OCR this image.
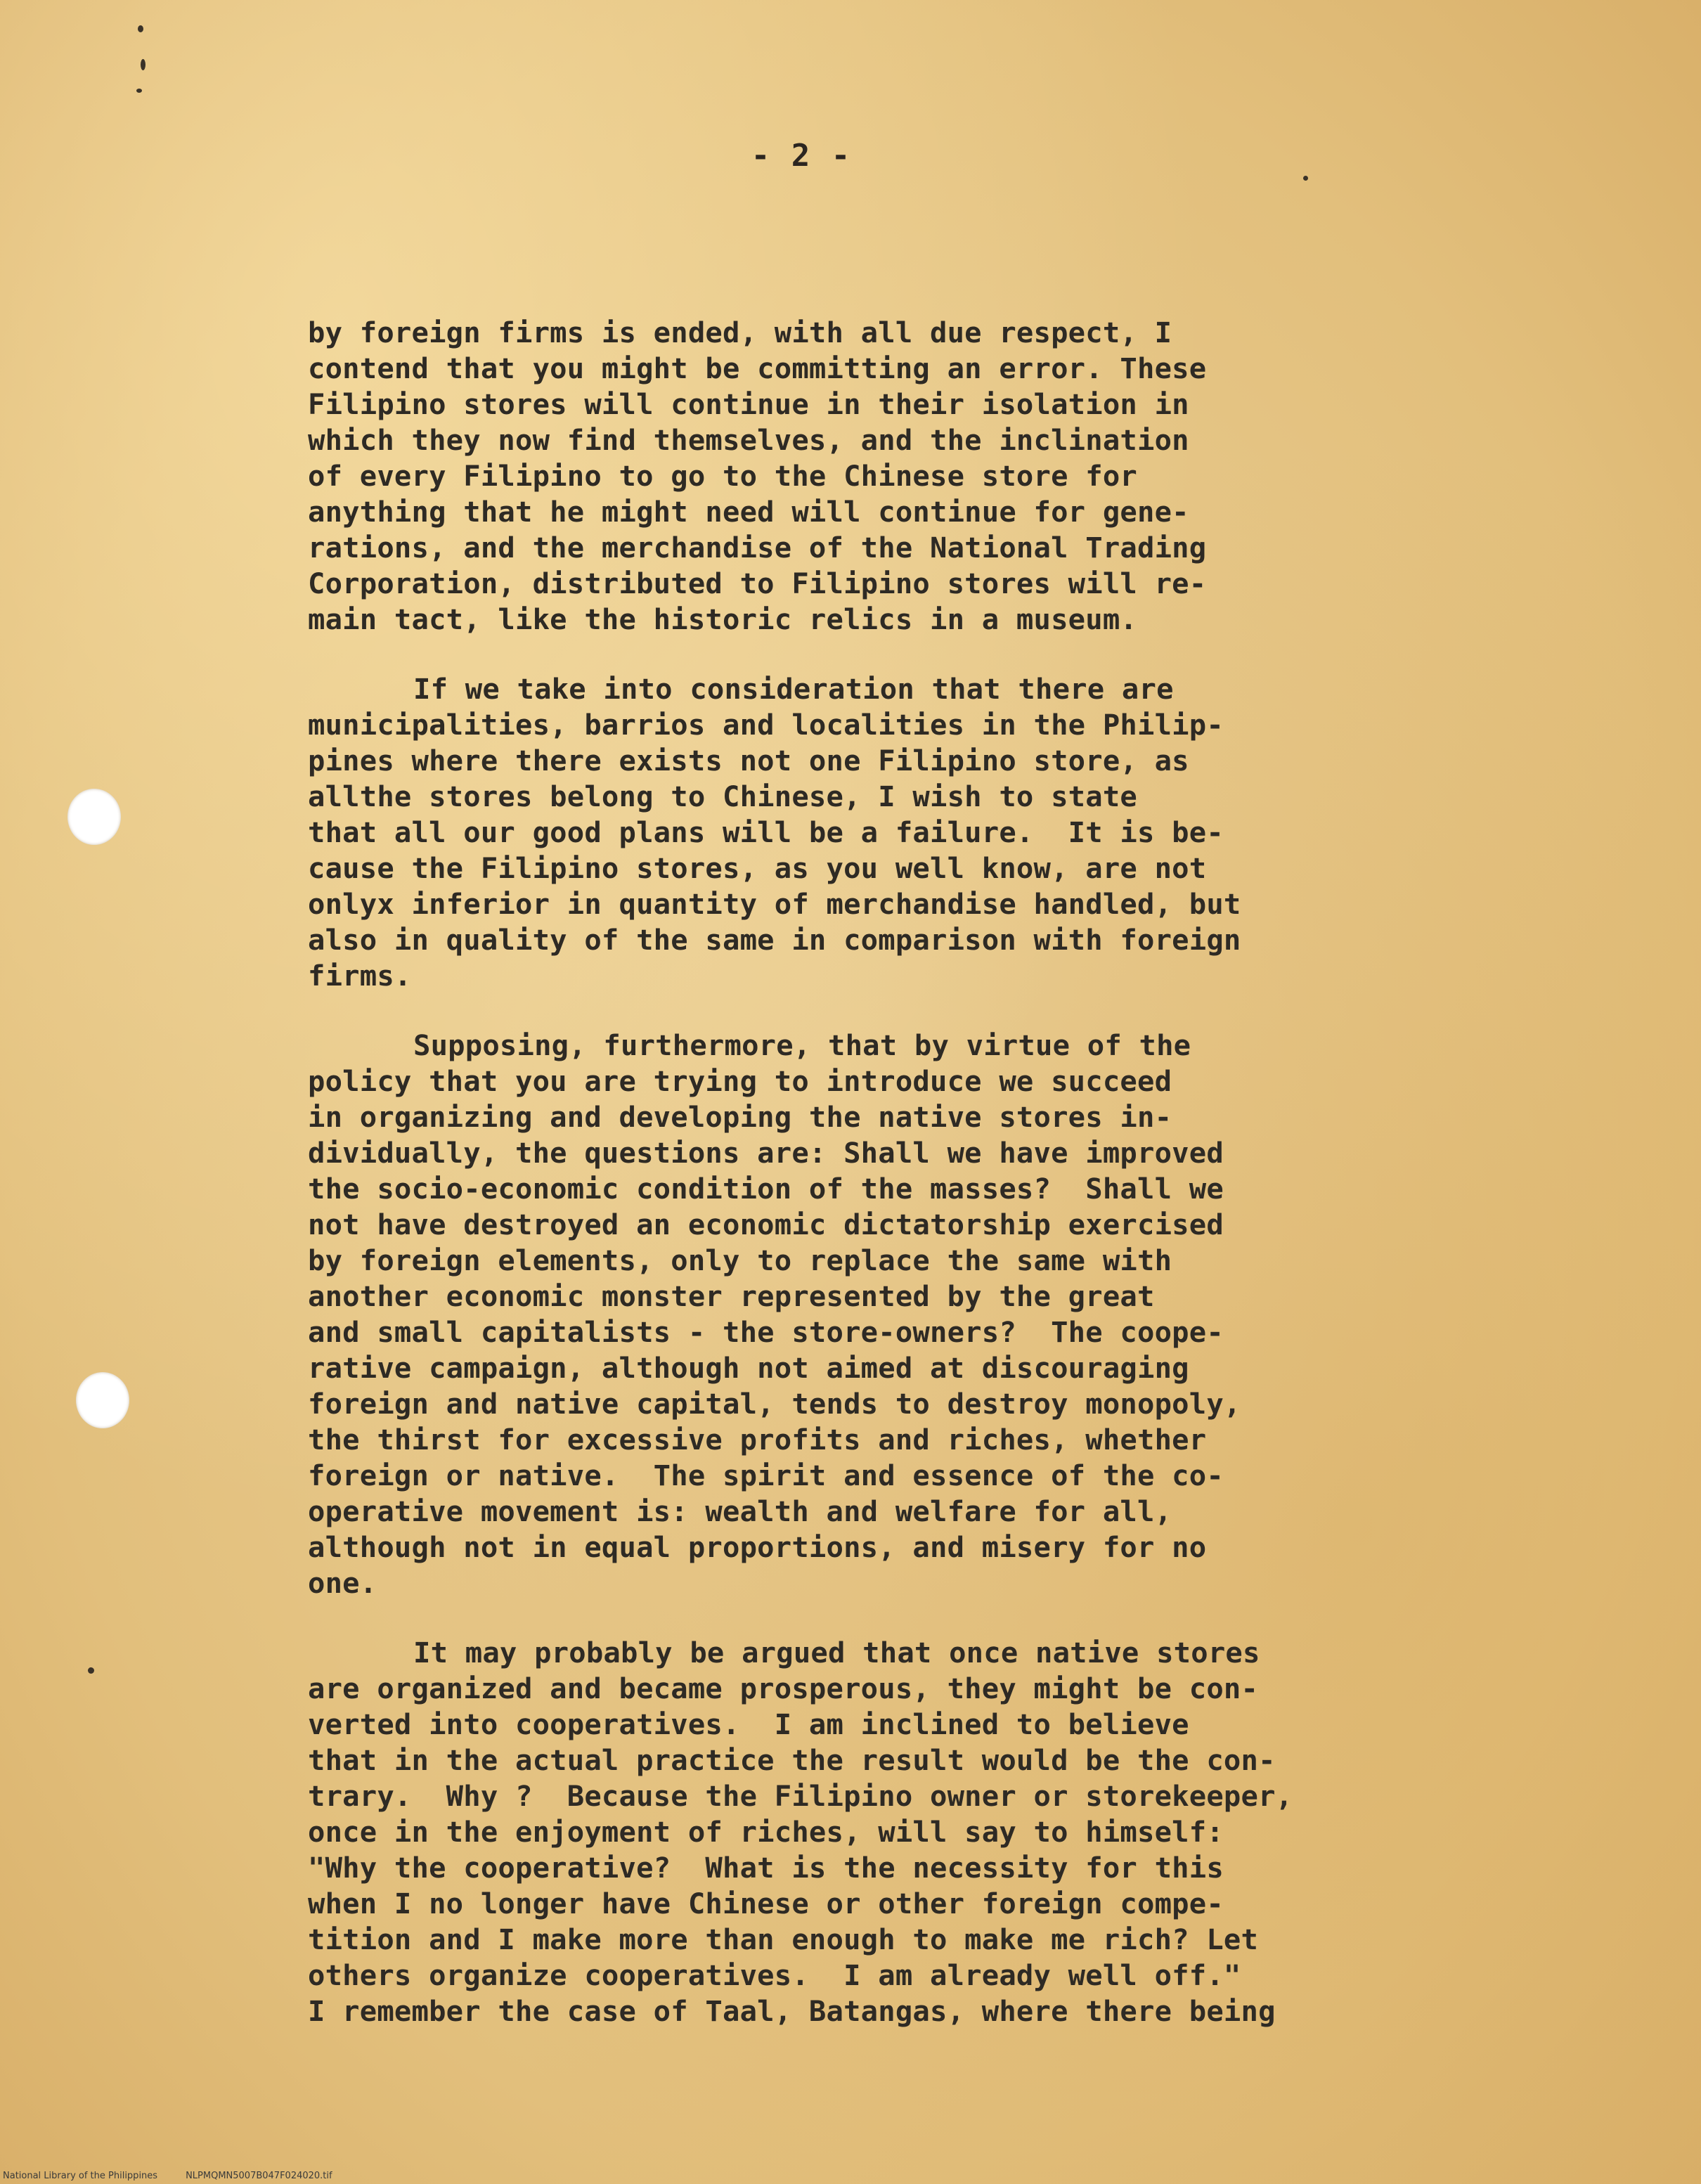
- 2 -
by foreign firms is ended, with all due respect, I
contend that you might be committing an error. These
Filipino stores will continue in their isolation in
which they now find themselves, and the inclination
of every Filipino to go to the Chinese store for
anything that he might need will continue for gene-
rations, and the merchandise of the National Trading
Corporation, distributed to Filipino stores will re-
main tact, like the historic relics in a museum.
If we take into consideration that there are
municipalities, barrios and localities in the Philip-
pines where there exists not one Filipino store, as
allthe stores belong to Chinese, I wish to state
that all our good plans will be a failure.  It is be-
cause the Filipino stores, as you well know, are not
onlyx inferior in quantity of merchandise handled, but
also in quality of the same in comparison with foreign
firms.
Supposing, furthermore, that by virtue of the
policy that you are trying to introduce we succeed
in organizing and developing the native stores in-
dividually, the questions are: Shall we have improved
the socio-economic condition of the masses?  Shall we
not have destroyed an economic dictatorship exercised
by foreign elements, only to replace the same with
another economic monster represented by the great
and small capitalists - the store-owners?  The coope-
rative campaign, although not aimed at discouraging
foreign and native capital, tends to destroy monopoly,
the thirst for excessive profits and riches, whether
foreign or native.  The spirit and essence of the co-
operative movement is: wealth and welfare for all,
although not in equal proportions, and misery for no
one.
It may probably be argued that once native stores
are organized and became prosperous, they might be con-
verted into cooperatives.  I am inclined to believe
that in the actual practice the result would be the con-
trary.  Why ?  Because the Filipino owner or storekeeper,
once in the enjoyment of riches, will say to himself:
"Why the cooperative?  What is the necessity for this
when I no longer have Chinese or other foreign compe-
tition and I make more than enough to make me rich? Let
others organize cooperatives.  I am already well off."
I remember the case of Taal, Batangas, where there being
National Library of the Philippines	NLPMQMN5007B047F024020.tif
